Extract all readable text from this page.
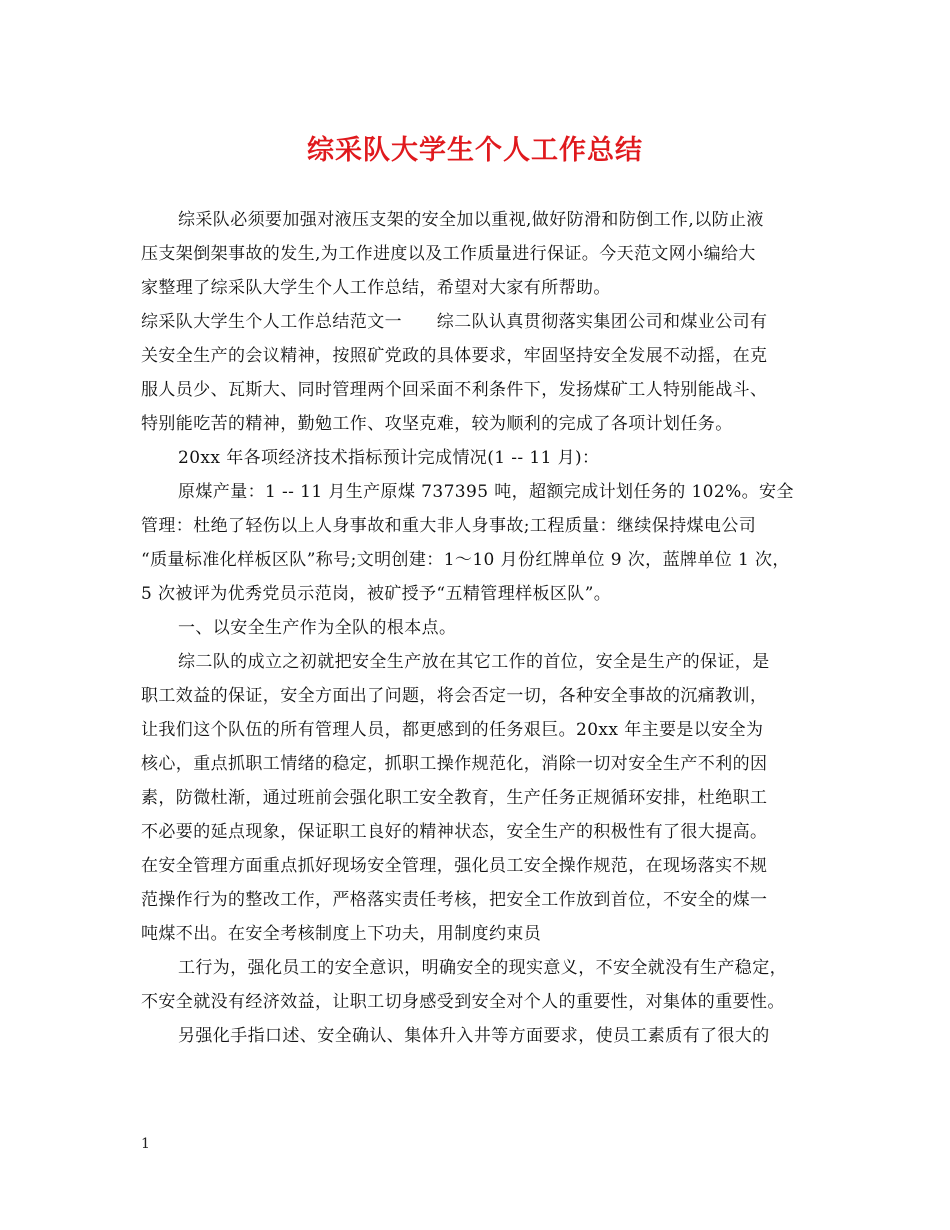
综采队大学生个人工作总结
综采队必须要加强对液压支架的安全加以重视,做好防滑和防倒工作,以防止液
压支架倒架事故的发生,为工作进度以及工作质量进行保证。今天范文网小编给大
家整理了综采队大学生个人工作总结，希望对大家有所帮助。
综采队大学生个人工作总结范文一　　综二队认真贯彻落实集团公司和煤业公司有
关安全生产的会议精神，按照矿党政的具体要求，牢固坚持安全发展不动摇，在克
服人员少、瓦斯大、同时管理两个回采面不利条件下，发扬煤矿工人特别能战斗、
特别能吃苦的精神，勤勉工作、攻坚克难，较为顺利的完成了各项计划任务。
20xx 年各项经济技术指标预计完成情况(1 -- 11 月)：
原煤产量：1 -- 11 月生产原煤 737395 吨，超额完成计划任务的 102%。安全
管理：杜绝了轻伤以上人身事故和重大非人身事故;工程质量：继续保持煤电公司
“质量标准化样板区队”称号;文明创建：1～10 月份红牌单位 9 次，蓝牌单位 1 次，
5 次被评为优秀党员示范岗，被矿授予“五精管理样板区队”。
一、以安全生产作为全队的根本点。
综二队的成立之初就把安全生产放在其它工作的首位，安全是生产的保证，是
职工效益的保证，安全方面出了问题，将会否定一切，各种安全事故的沉痛教训，
让我们这个队伍的所有管理人员，都更感到的任务艰巨。20xx 年主要是以安全为
核心，重点抓职工情绪的稳定，抓职工操作规范化，消除一切对安全生产不利的因
素，防微杜渐，通过班前会强化职工安全教育，生产任务正规循环安排，杜绝职工
不必要的延点现象，保证职工良好的精神状态，安全生产的积极性有了很大提高。
在安全管理方面重点抓好现场安全管理，强化员工安全操作规范，在现场落实不规
范操作行为的整改工作，严格落实责任考核，把安全工作放到首位，不安全的煤一
吨煤不出。在安全考核制度上下功夫，用制度约束员
工行为，强化员工的安全意识，明确安全的现实意义，不安全就没有生产稳定，
不安全就没有经济效益，让职工切身感受到安全对个人的重要性，对集体的重要性。
另强化手指口述、安全确认、集体升入井等方面要求，使员工素质有了很大的
1
